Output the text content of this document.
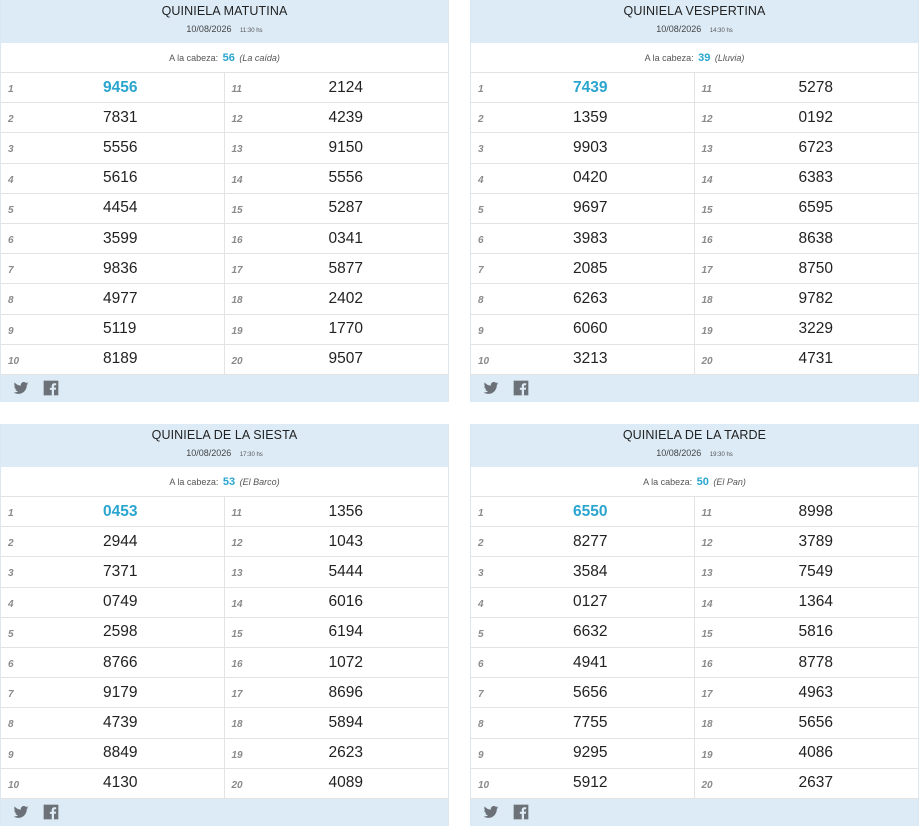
QUINIELA MATUTINA
10/08/2026 11:30 hs
A la cabeza: 56 (La caída)
1	9456	11	2124
2	7831	12	4239
3	5556	13	9150
4	5616	14	5556
5	4454	15	5287
6	3599	16	0341
7	9836	17	5877
8	4977	18	2402
9	5119	19	1770
10	8189	20	9507
QUINIELA VESPERTINA
10/08/2026 14:30 hs
A la cabeza: 39 (Lluvia)
1	7439	11	5278
2	1359	12	0192
3	9903	13	6723
4	0420	14	6383
5	9697	15	6595
6	3983	16	8638
7	2085	17	8750
8	6263	18	9782
9	6060	19	3229
10	3213	20	4731
QUINIELA DE LA SIESTA
10/08/2026 17:30 hs
A la cabeza: 53 (El Barco)
1	0453	11	1356
2	2944	12	1043
3	7371	13	5444
4	0749	14	6016
5	2598	15	6194
6	8766	16	1072
7	9179	17	8696
8	4739	18	5894
9	8849	19	2623
10	4130	20	4089
QUINIELA DE LA TARDE
10/08/2026 19:30 hs
A la cabeza: 50 (El Pan)
1	6550	11	8998
2	8277	12	3789
3	3584	13	7549
4	0127	14	1364
5	6632	15	5816
6	4941	16	8778
7	5656	17	4963
8	7755	18	5656
9	9295	19	4086
10	5912	20	2637
